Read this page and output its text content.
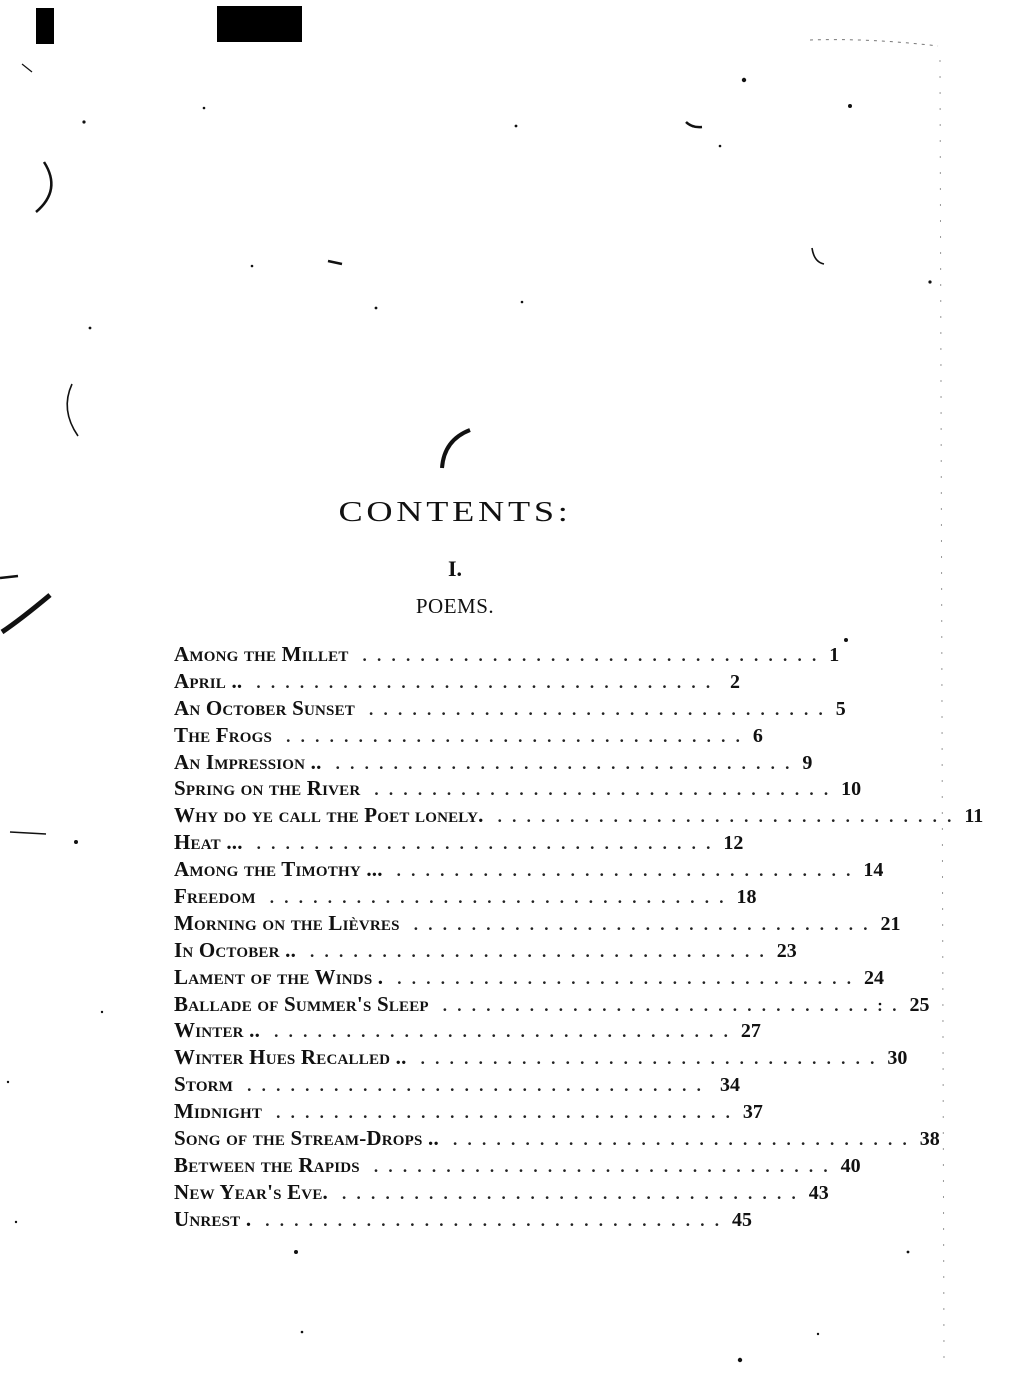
CONTENTS:
I.
POEMS.
Among the Millet . . . . . . . . . . . . . . . . . . . . . . . . . . . . . . . . 1
April .. . . . . . . . . . . . . . . . . . . . . . . . . . . . . . . . . 2
An October Sunset . . . . . . . . . . . . . . . . . . . . . . . . . . . . . . . . 5
The Frogs . . . . . . . . . . . . . . . . . . . . . . . . . . . . . . . . 6
An Impression .. . . . . . . . . . . . . . . . . . . . . . . . . . . . . . . . . 9
Spring on the River . . . . . . . . . . . . . . . . . . . . . . . . . . . . . . . . 10
Why do ye call the Poet lonely. . . . . . . . . . . . . . . . . . . . . . . . . . . . . . . . . 11
Heat ... . . . . . . . . . . . . . . . . . . . . . . . . . . . . . . . . 12
Among the Timothy ... . . . . . . . . . . . . . . . . . . . . . . . . . . . . . . . . 14
Freedom . . . . . . . . . . . . . . . . . . . . . . . . . . . . . . . . 18
Morning on the Lièvres . . . . . . . . . . . . . . . . . . . . . . . . . . . . . . . . 21
In October .. . . . . . . . . . . . . . . . . . . . . . . . . . . . . . . . . 23
Lament of the Winds . . . . . . . . . . . . . . . . . . . . . . . . . . . . . . . . . 24
Ballade of Summer's Sleep . . . . . . . . . . . . . . . . . . . . . . . . . . . . . . . . 25
Winter .. . . . . . . . . . . . . . . . . . . . . . . . . . . . . . . . . 27
Winter Hues Recalled .. . . . . . . . . . . . . . . . . . . . . . . . . . . . . . . . . 30
Storm . . . . . . . . . . . . . . . . . . . . . . . . . . . . . . . . 34
Midnight . . . . . . . . . . . . . . . . . . . . . . . . . . . . . . . . 37
Song of the Stream-Drops .. . . . . . . . . . . . . . . . . . . . . . . . . . . . . . . . . 38
Between the Rapids . . . . . . . . . . . . . . . . . . . . . . . . . . . . . . . . 40
New Year's Eve. . . . . . . . . . . . . . . . . . . . . . . . . . . . . . . . . 43
Unrest . . . . . . . . . . . . . . . . . . . . . . . . . . . . . . . . . 45
